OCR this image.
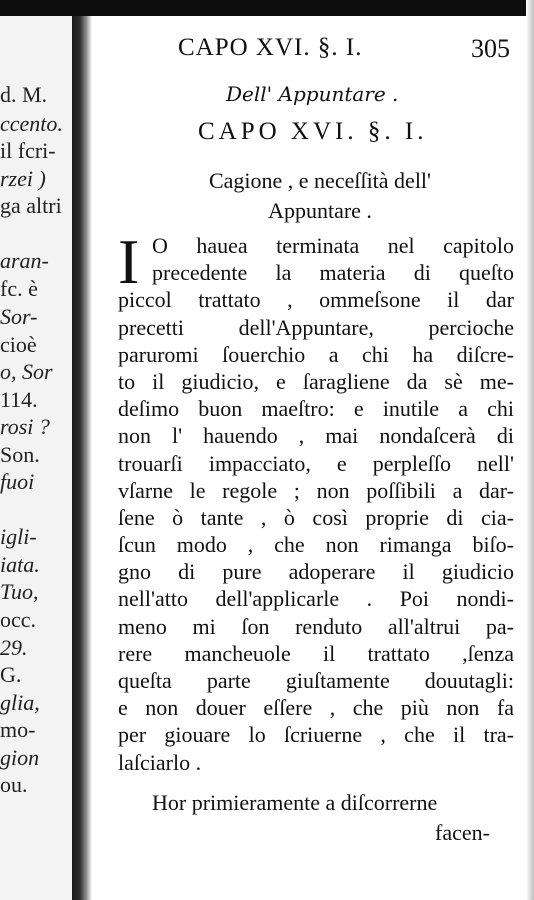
d. M.
ccento.
il fcri-
rzei )
ga altri
aran-
fc. è
Sor-
cioè
o, Sor
114.
rosi ?
Son.
fuoi
igli-
iata.
Tuo,
occ.
29.
G.
glia,
mo-
gion
ou.
CAPO XVI. §. I.	305
Dell' Appuntare .
CAPO XVI. §. I.
Cagione , e neceſſità dell'
Appuntare .
I O hauea terminata nel capitolo
precedente la materia di queſto
piccol trattato , ommeſsone il dar
precetti dell'Appuntare, percioche
paruromi ſouerchio a chi ha diſcre-
to il giudicio, e ſaragliene da sè me-
deſimo buon maeſtro: e inutile a chi
non l' hauendo , mai nondaſcerà di
trouarſi impacciato, e perpleſſo nell'
vſarne le regole ; non poſſibili a dar-
ſene ò tante , ò così proprie di cia-
ſcun modo , che non rimanga biſo-
gno di pure adoperare il giudicio
nell'atto dell'applicarle . Poi nondi-
meno mi ſon renduto all'altrui pa-
rere mancheuole il trattato ,ſenza
queſta parte giuſtamente douutagli:
e non douer eſſere , che più non fa
per giouare lo ſcriuerne , che il tra-
laſciarlo .
Hor primieramente a diſcorrerne
facen-
